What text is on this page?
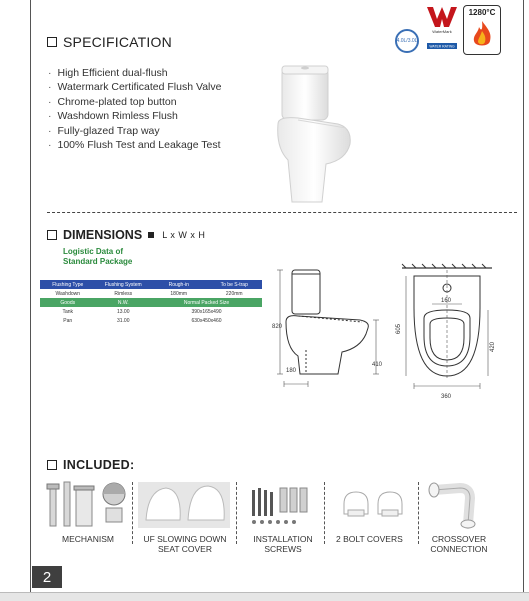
SPECIFICATION
· High Efficient dual-flush
· Watermark Certificated Flush Valve
· Chrome-plated top button
· Washdown Rimless Flush
· Fully-glazed Trap way
· 100% Flush Test and Leakage Test
4.0L/3.0L
WaterMark
WATER RATING
1280°C
DIMENSIONS L x W x H
Logistic Data of
Standard Package
Flushing Type	Flushing System	Rough-in	To be S-trap
Washdown	Rimless	180mm	220mm
Goods	N.W.	Normal Packed Size	
Tank	13.00	390x165x490	
Pan	31.00	630x450x460	
820
410
180
605
420
360
160
INCLUDED:
MECHANISM	UF SLOWING DOWN
SEAT COVER
INSTALLATION
SCREWS
2 BOLT COVERS	CROSSOVER
CONNECTION
2
